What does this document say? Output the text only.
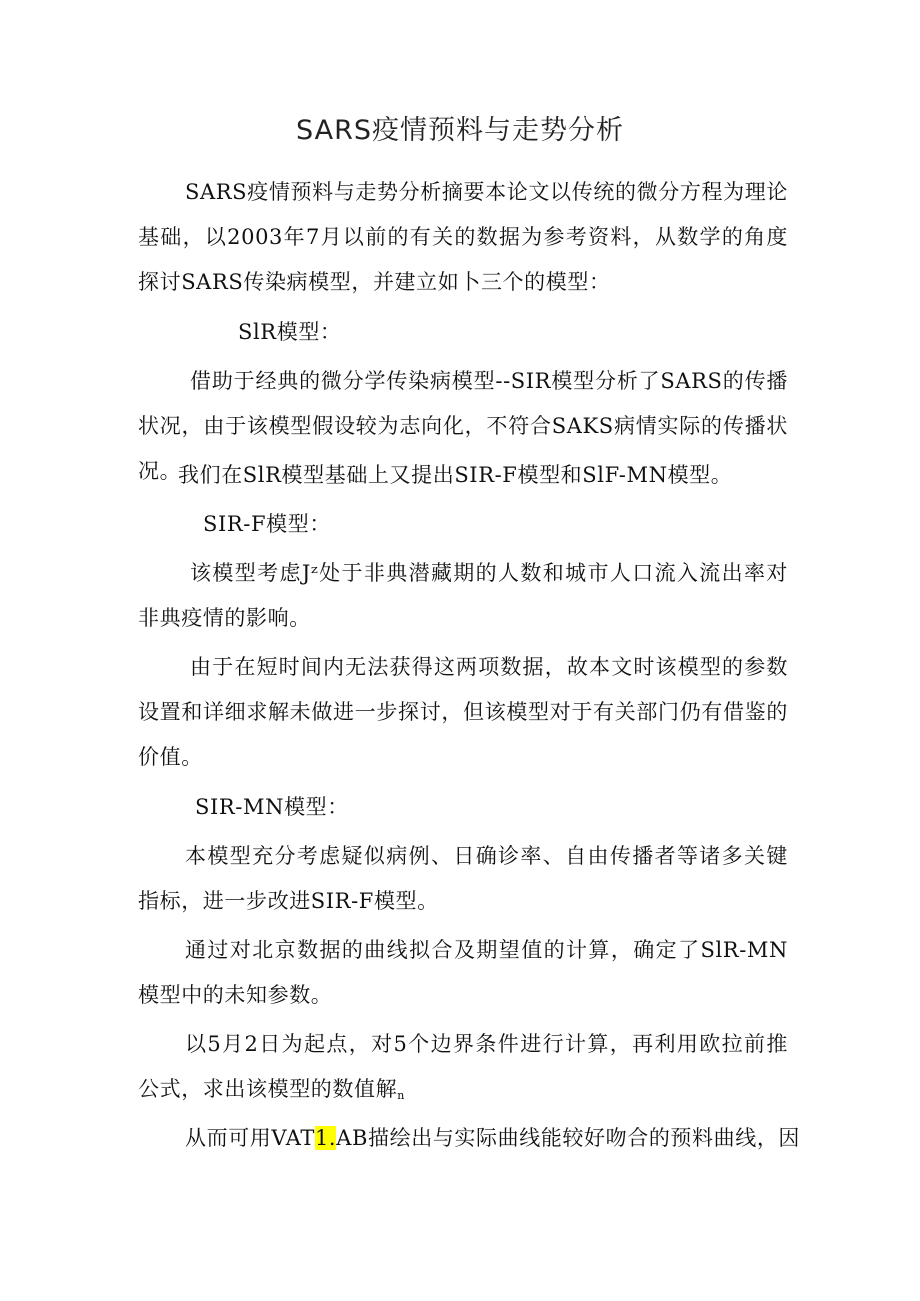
SARS疫情预料与走势分析

SARS疫情预料与走势分析摘要本论文以传统的微分方程为理论基础，以2003年7月以前的有关的数据为参考资料，从数学的角度探讨SARS传染病模型，并建立如卜三个的模型：

SlR模型：

借助于经典的微分学传染病模型--SIR模型分析了SARS的传播状况，由于该模型假设较为志向化，不符合SAKS病情实际的传播状况。

我们在SlR模型基础上又提出SIR-F模型和SlF-MN模型。

SIR-F模型：

该模型考虑Jᶻ处于非典潜藏期的人数和城市人口流入流出率对非典疫情的影响。

由于在短时间内无法获得这两项数据，故本文时该模型的参数设置和详细求解未做进一步探讨，但该模型对于有关部门仍有借鉴的价值。

SIR-MN模型：

本模型充分考虑疑似病例、日确诊率、自由传播者等诸多关键指标，进一步改进SIR-F模型。

通过对北京数据的曲线拟合及期望值的计算，确定了SlR-MN模型中的未知参数。

以5月2日为起点，对5个边界条件进行计算，再利用欧拉前推公式，求出该模型的数值解$_n$

从而可用VAT1.AB描绘出与实际曲线能较好吻合的预料曲线，因
